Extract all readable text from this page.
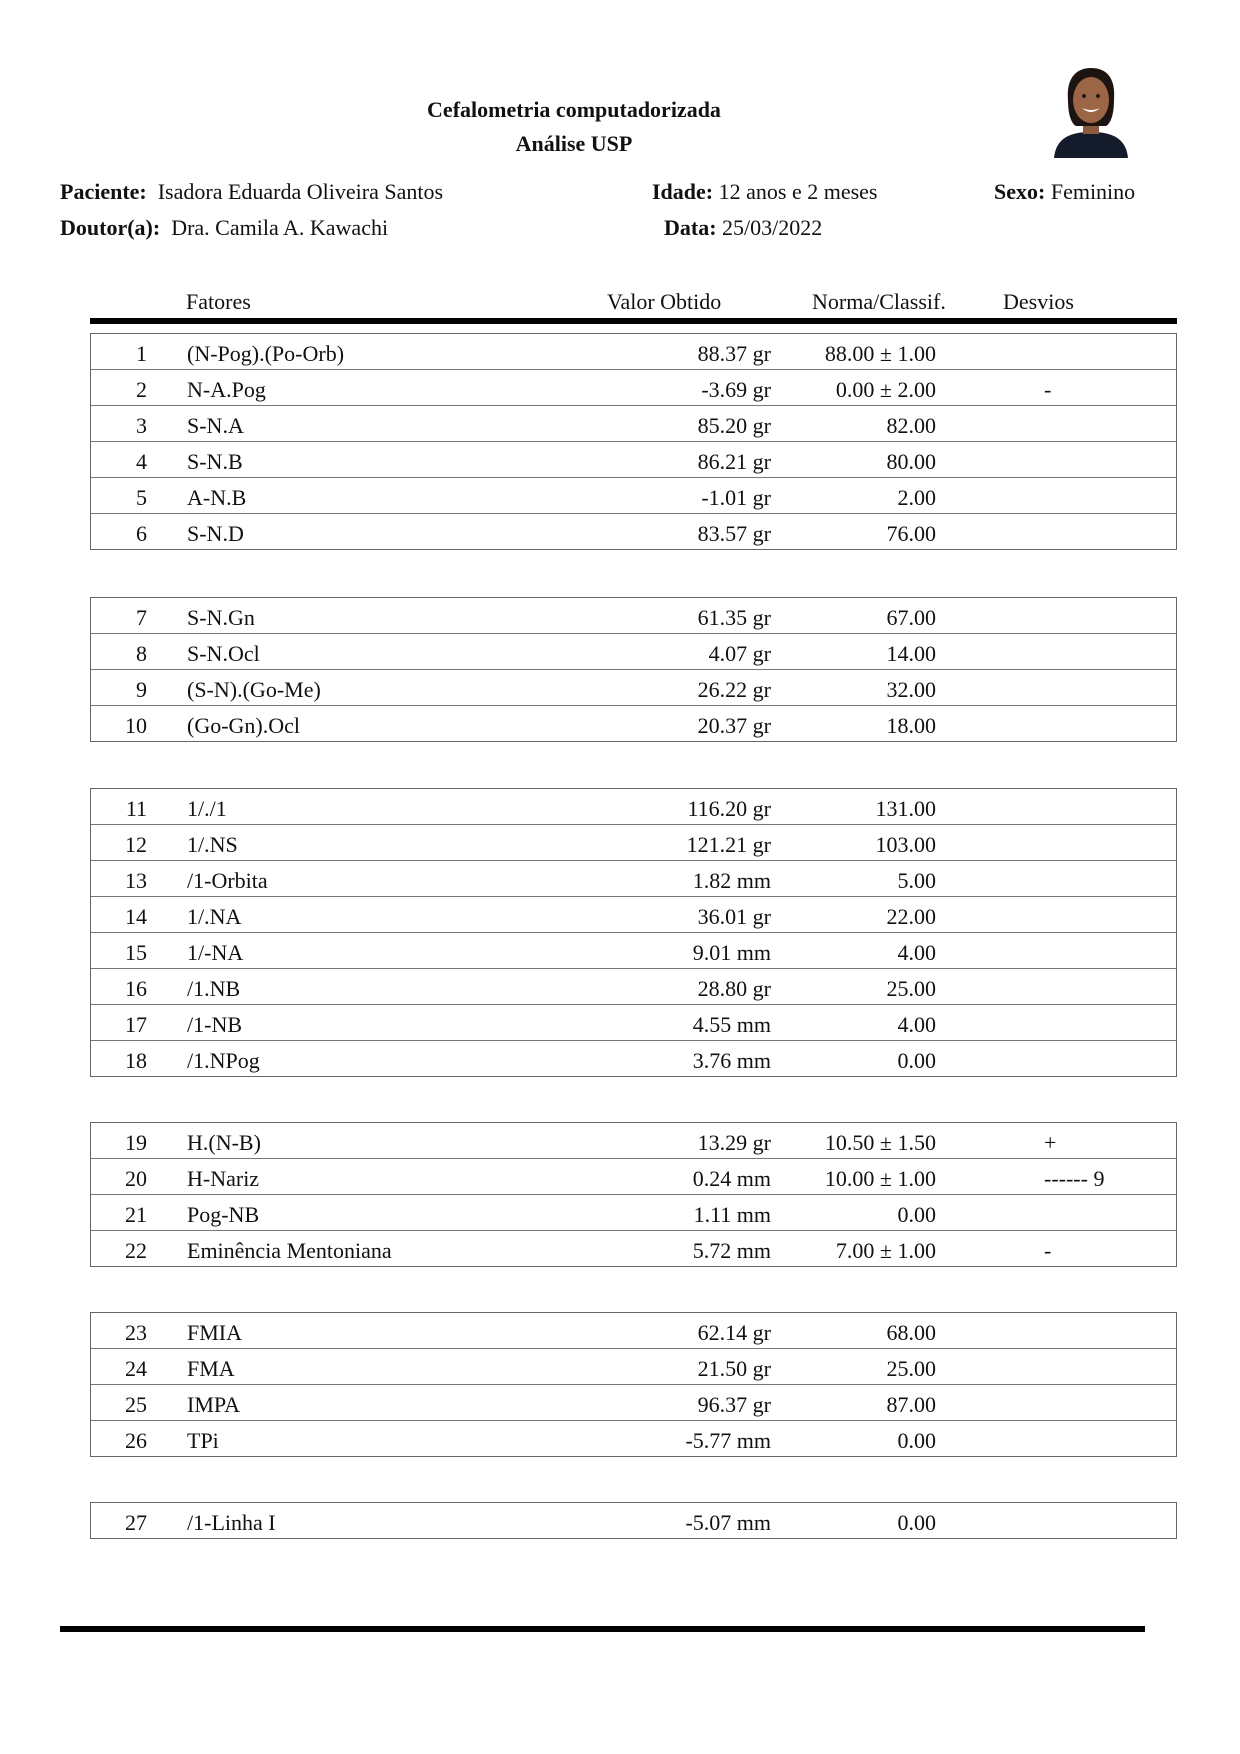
Cefalometria computadorizada
Análise USP
Paciente: Isadora Eduarda Oliveira Santos	Idade: 12 anos e 2 meses	Sexo: Feminino
Doutor(a): Dra. Camila A. Kawachi	Data: 25/03/2022
Fatores	Valor Obtido	Norma/Classif.	Desvios
1 (N-Pog).(Po-Orb)	88.37 gr 88.00 ± 1.00
2 N-A.Pog	-3.69 gr	0.00 ± 2.00	-
3 S-N.A	85.20 gr	82.00
4 S-N.B	86.21 gr	80.00
5 A-N.B	-1.01 gr	2.00
6 S-N.D	83.57 gr	76.00
7 S-N.Gn	61.35 gr	67.00
8 S-N.Ocl	4.07 gr	14.00
9 (S-N).(Go-Me)	26.22 gr	32.00
10 (Go-Gn).Ocl	20.37 gr	18.00
11 1/./1	116.20 gr	131.00
12 1/.NS	121.21 gr	103.00
13 /1-Orbita	1.82 mm	5.00
14 1/.NA	36.01 gr	22.00
15 1/-NA	9.01 mm	4.00
16 /1.NB	28.80 gr	25.00
17 /1-NB	4.55 mm	4.00
18 /1.NPog	3.76 mm	0.00
19 H.(N-B)	13.29 gr 10.50 ± 1.50	+
20 H-Nariz	0.24 mm 10.00 ± 1.00	------ 9
21 Pog-NB	1.11 mm	0.00
22 Eminência Mentoniana	5.72 mm	7.00 ± 1.00	-
23 FMIA	62.14 gr	68.00
24 FMA	21.50 gr	25.00
25 IMPA	96.37 gr	87.00
26 TPi	-5.77 mm	0.00
27 /1-Linha I	-5.07 mm	0.00
